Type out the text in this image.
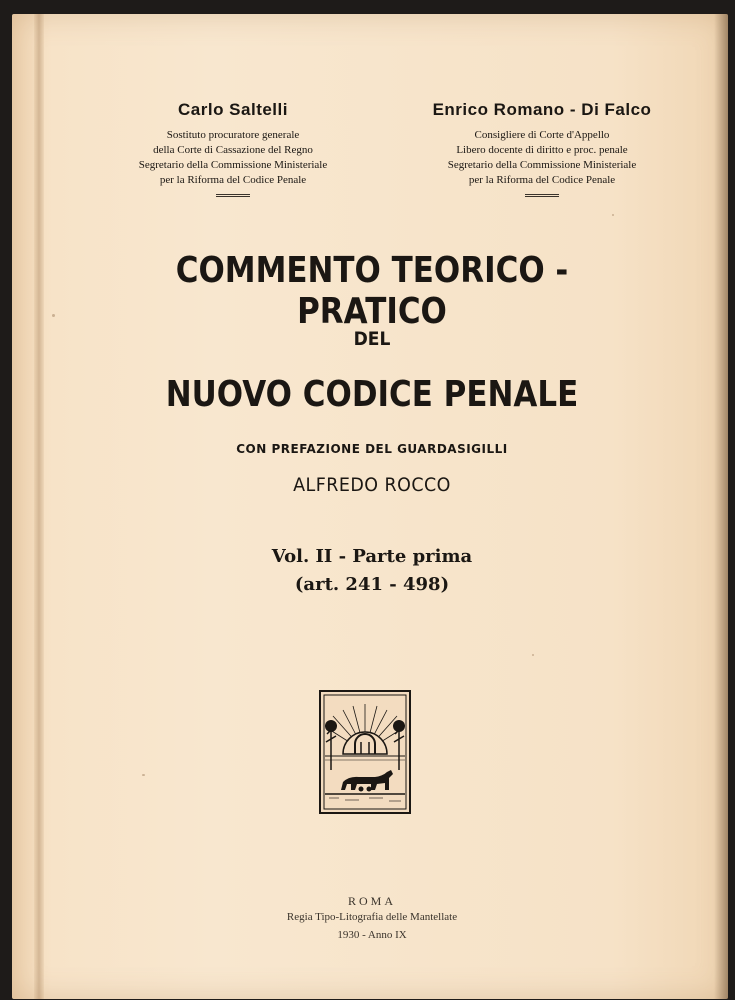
Carlo Saltelli
Sostituto procuratore generale
della Corte di Cassazione del Regno
Segretario della Commissione Ministeriale
per la Riforma del Codice Penale
Enrico Romano - Di Falco
Consigliere di Corte d'Appello
Libero docente di diritto e proc. penale
Segretario della Commissione Ministeriale
per la Riforma del Codice Penale
COMMENTO TEORICO - PRATICO
DEL
NUOVO CODICE PENALE
CON PREFAZIONE DEL GUARDASIGILLI
ALFREDO ROCCO
Vol. II - Parte prima
(art. 241 - 498)
ROMA
Regia Tipo-Litografia delle Mantellate
1930 - Anno IX
